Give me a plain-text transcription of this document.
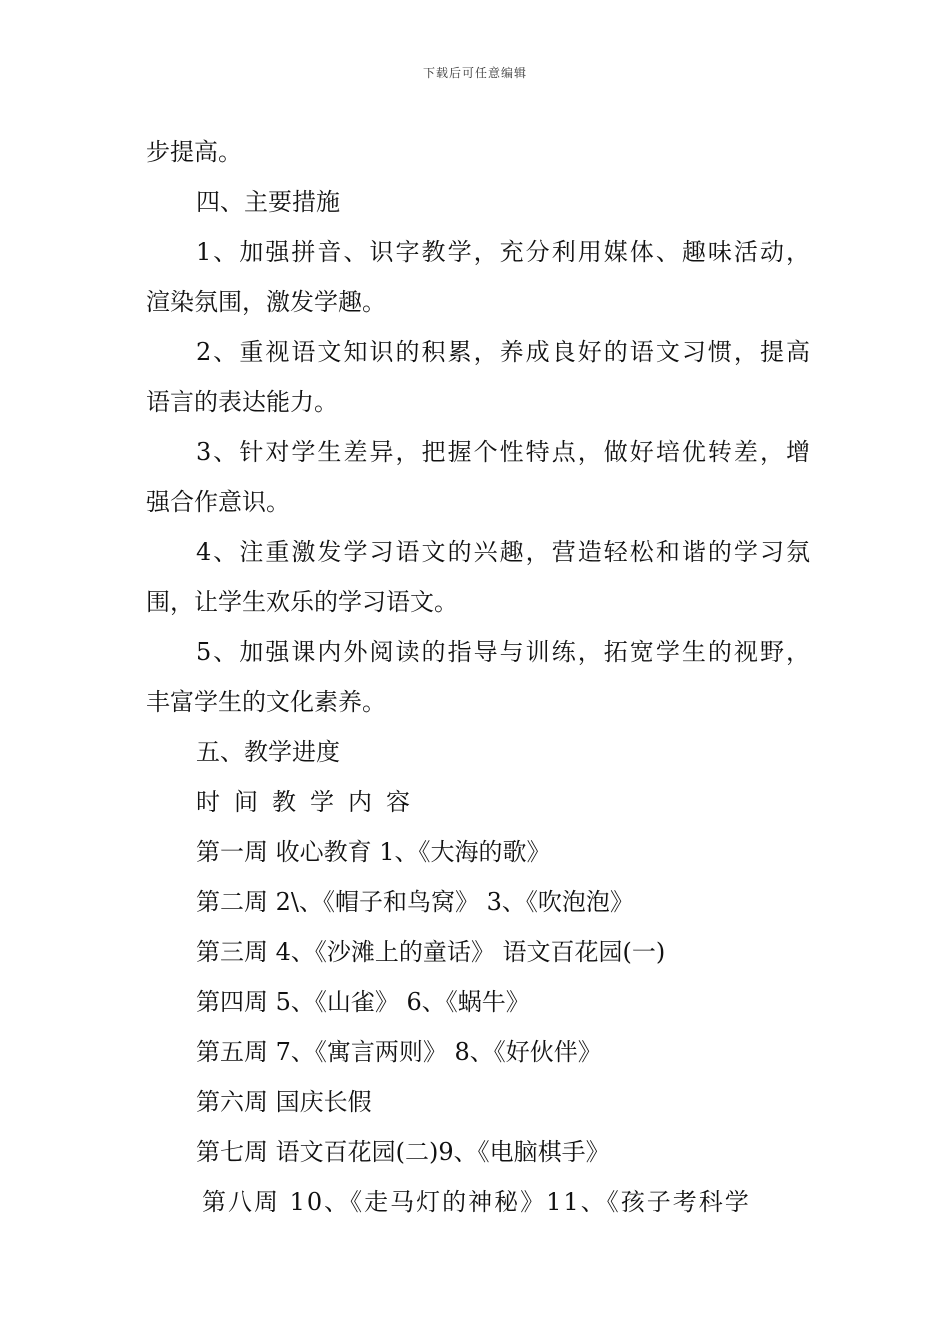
下载后可任意编辑
步提高。
四、主要措施
1、加强拼音、识字教学，充分利用媒体、趣味活动，
渲染氛围，激发学趣。
2、重视语文知识的积累，养成良好的语文习惯，提高
语言的表达能力。
3、针对学生差异，把握个性特点，做好培优转差，增
强合作意识。
4、注重激发学习语文的兴趣，营造轻松和谐的学习氛
围，让学生欢乐的学习语文。
5、加强课内外阅读的指导与训练，拓宽学生的视野，
丰富学生的文化素养。
五、教学进度
时间教学内容
第一周 收心教育 1、《大海的歌》
第二周 2\、《帽子和鸟窝》 3、《吹泡泡》
第三周 4、《沙滩上的童话》 语文百花园(一)
第四周 5、《山雀》 6、《蜗牛》
第五周 7、《寓言两则》 8、《好伙伴》
第六周 国庆长假
第七周 语文百花园(二)9、《电脑棋手》
第八周 10、《走马灯的神秘》11、《孩子考科学
